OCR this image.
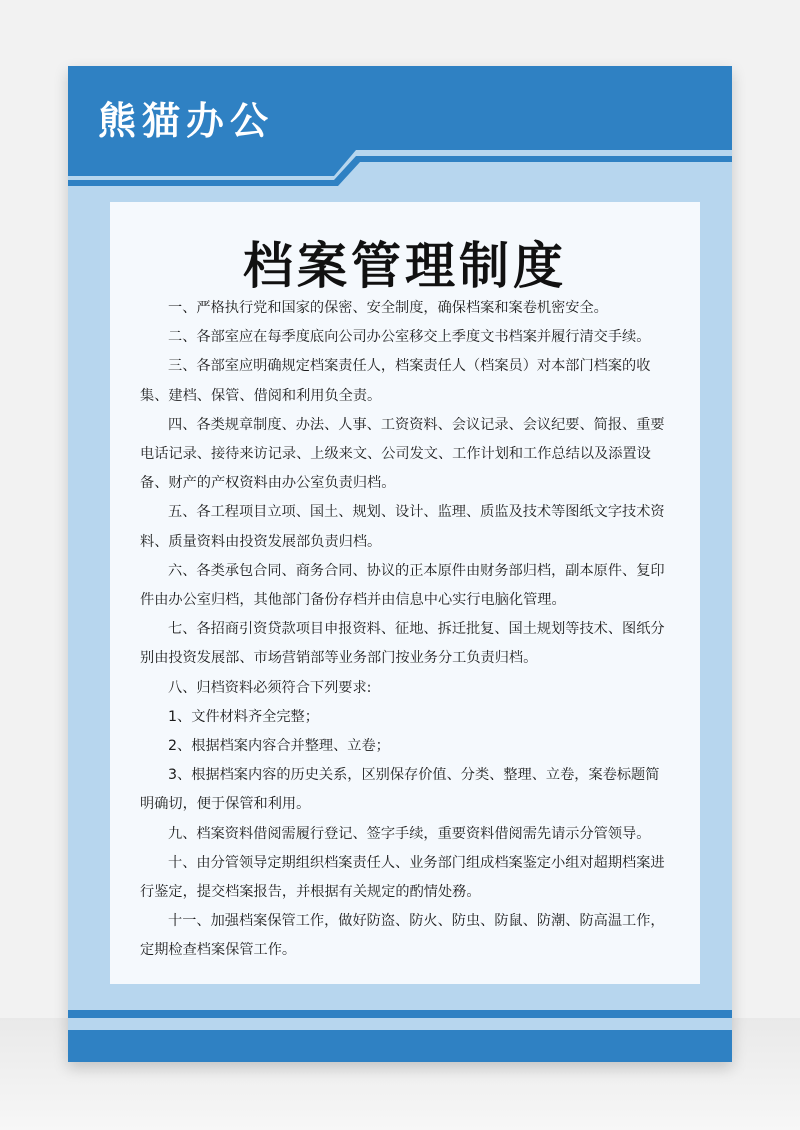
熊猫办公
档案管理制度
一、严格执行党和国家的保密、安全制度，确保档案和案卷机密安全。
二、各部室应在每季度底向公司办公室移交上季度文书档案并履行清交手续。
三、各部室应明确规定档案责任人，档案责任人（档案员）对本部门档案的收集、建档、保管、借阅和利用负全责。
四、各类规章制度、办法、人事、工资资料、会议记录、会议纪要、简报、重要电话记录、接待来访记录、上级来文、公司发文、工作计划和工作总结以及添置设备、财产的产权资料由办公室负责归档。
五、各工程项目立项、国土、规划、设计、监理、质监及技术等图纸文字技术资料、质量资料由投资发展部负责归档。
六、各类承包合同、商务合同、协议的正本原件由财务部归档，副本原件、复印件由办公室归档，其他部门备份存档并由信息中心实行电脑化管理。
七、各招商引资贷款项目申报资料、征地、拆迁批复、国土规划等技术、图纸分别由投资发展部、市场营销部等业务部门按业务分工负责归档。
八、归档资料必须符合下列要求:
1、文件材料齐全完整；
2、根据档案内容合并整理、立卷；
3、根据档案内容的历史关系，区别保存价值、分类、整理、立卷，案卷标题简明确切，便于保管和利用。
九、档案资料借阅需履行登记、签字手续，重要资料借阅需先请示分管领导。
十、由分管领导定期组织档案责任人、业务部门组成档案鉴定小组对超期档案进行鉴定，提交档案报告，并根据有关规定的酌情处務。
十一、加强档案保管工作，做好防盗、防火、防虫、防鼠、防潮、防高温工作，定期检查档案保管工作。
